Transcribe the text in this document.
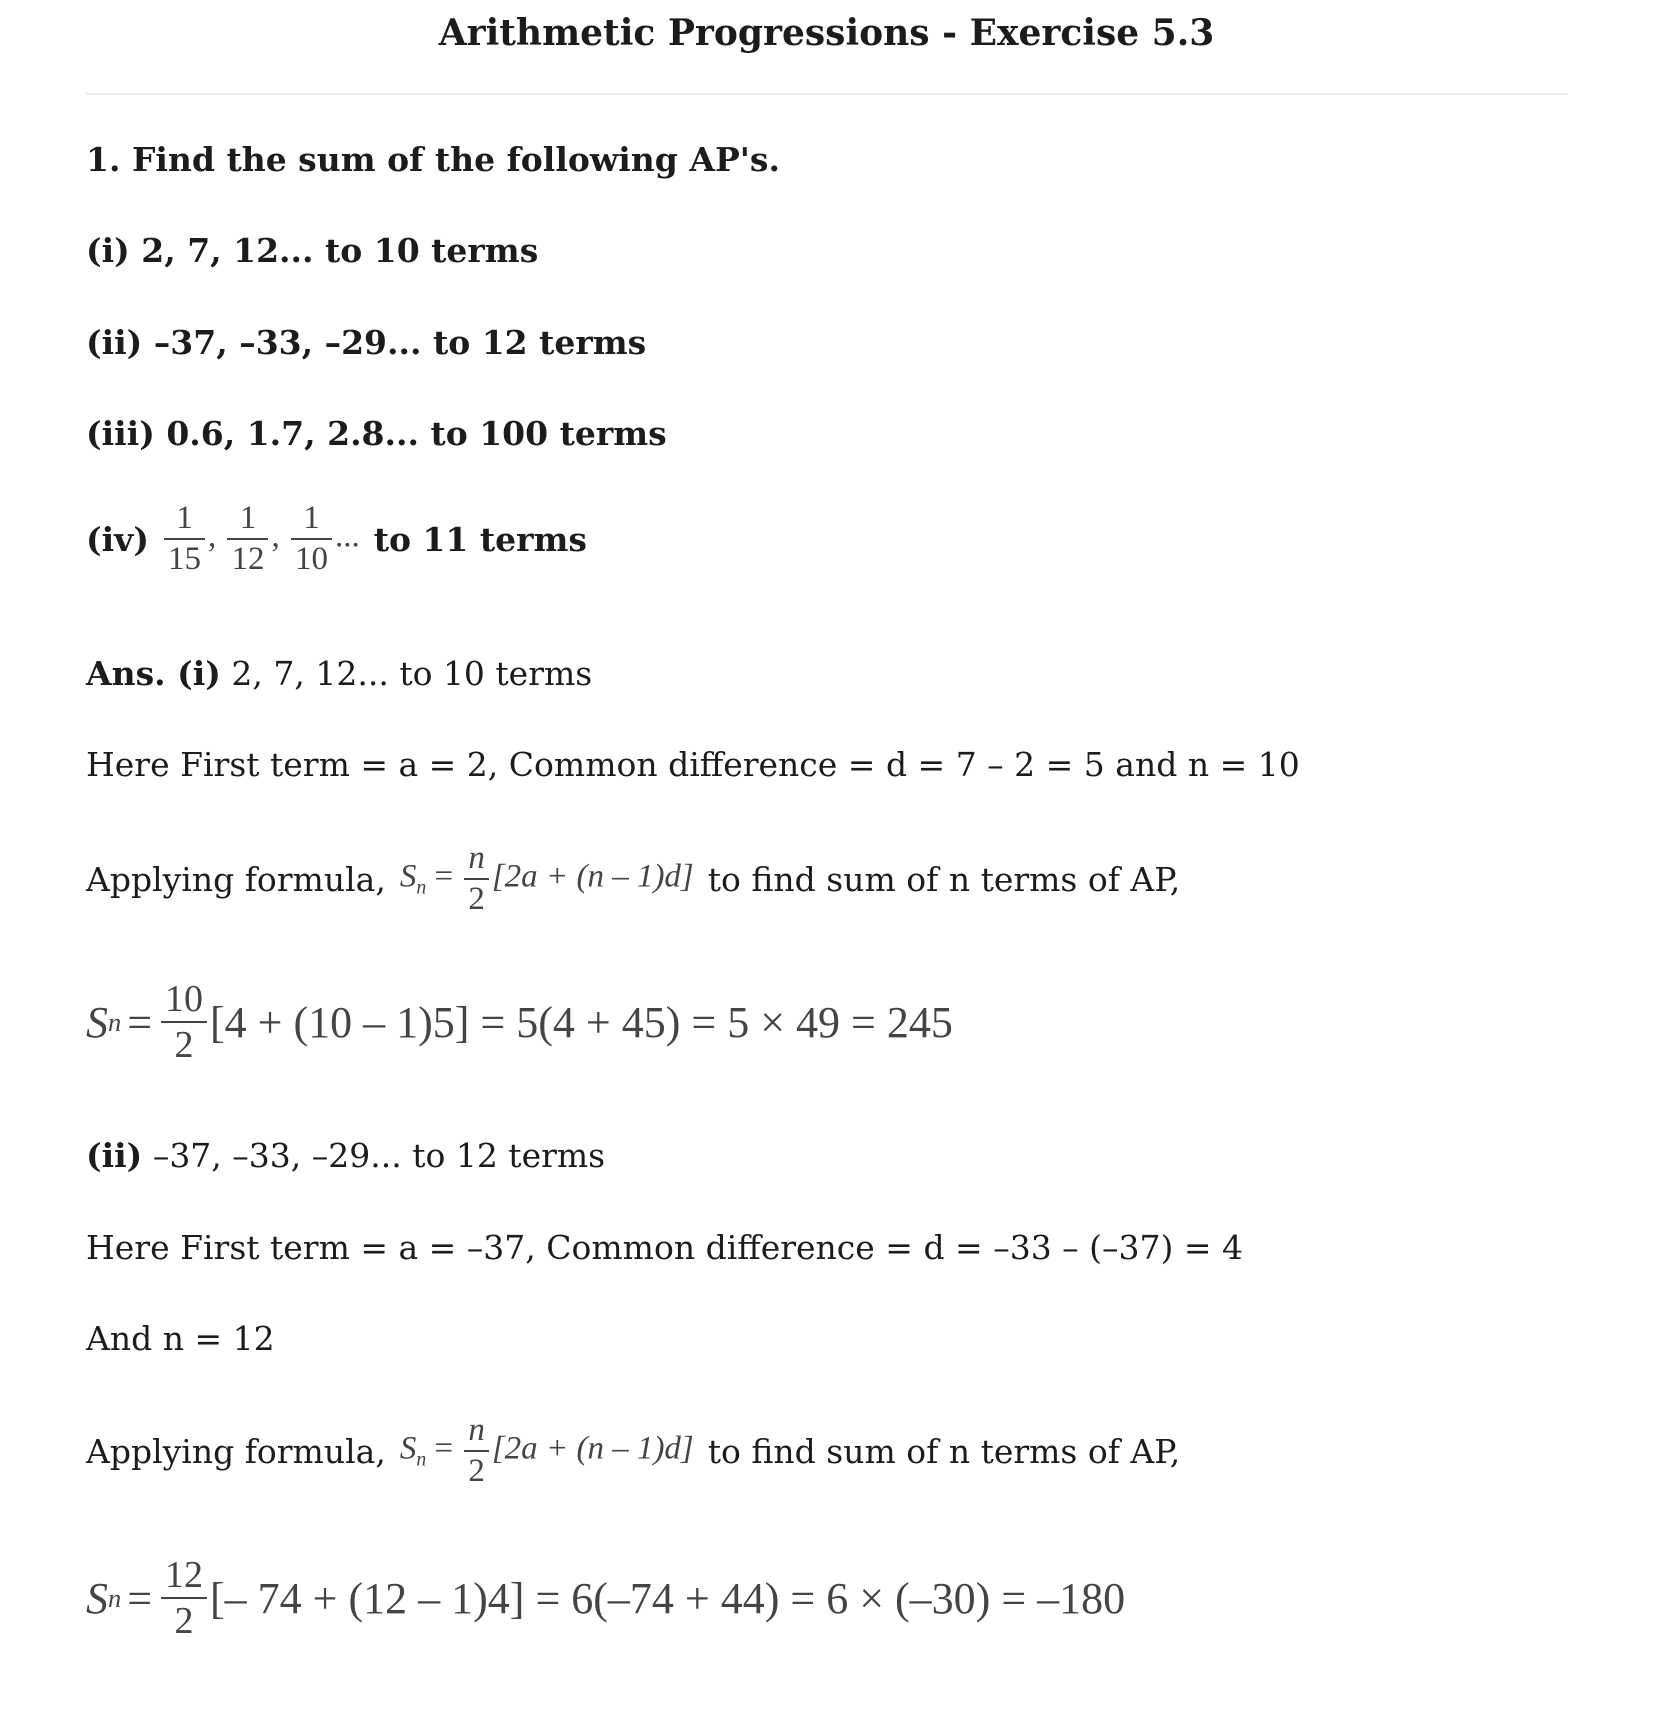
Arithmetic Progressions - Exercise 5.3
1. Find the sum of the following AP's.
(i) 2, 7, 12... to 10 terms
(ii) –37, –33, –29... to 12 terms
(iii) 0.6, 1.7, 2.8... to 100 terms
$(iv) \frac{1}{15}$ , $\frac{1}{12}$ , $\frac{1}{10}$ ... to 11 terms
Ans. (i) 2, 7, 12... to 10 terms
Here First term = a = 2, Common difference = d = 7 – 2 = 5 and n = 10
Applying formula, $S_n = \frac{n}{2} [2a + (n - 1)d]$ to find sum of n terms of AP,
S $n = \frac{10}{2} [4 + (10 - 1)5] = 5(4 + 45) = 5 \times 49 = 245$
(ii) –37, –33, –29... to 12 terms
Here First term = a = –37, Common difference = d = –33 – (–37) = 4
And n = 12
Applying formula, $S_n = \frac{n}{2} [2a + (n - 1)d]$ to find sum of n terms of AP,
S $n = \frac{12}{2}$ [– 74 + (12 – 1)4] = 6(–74 + 44) = 6 × (–30) = –180
